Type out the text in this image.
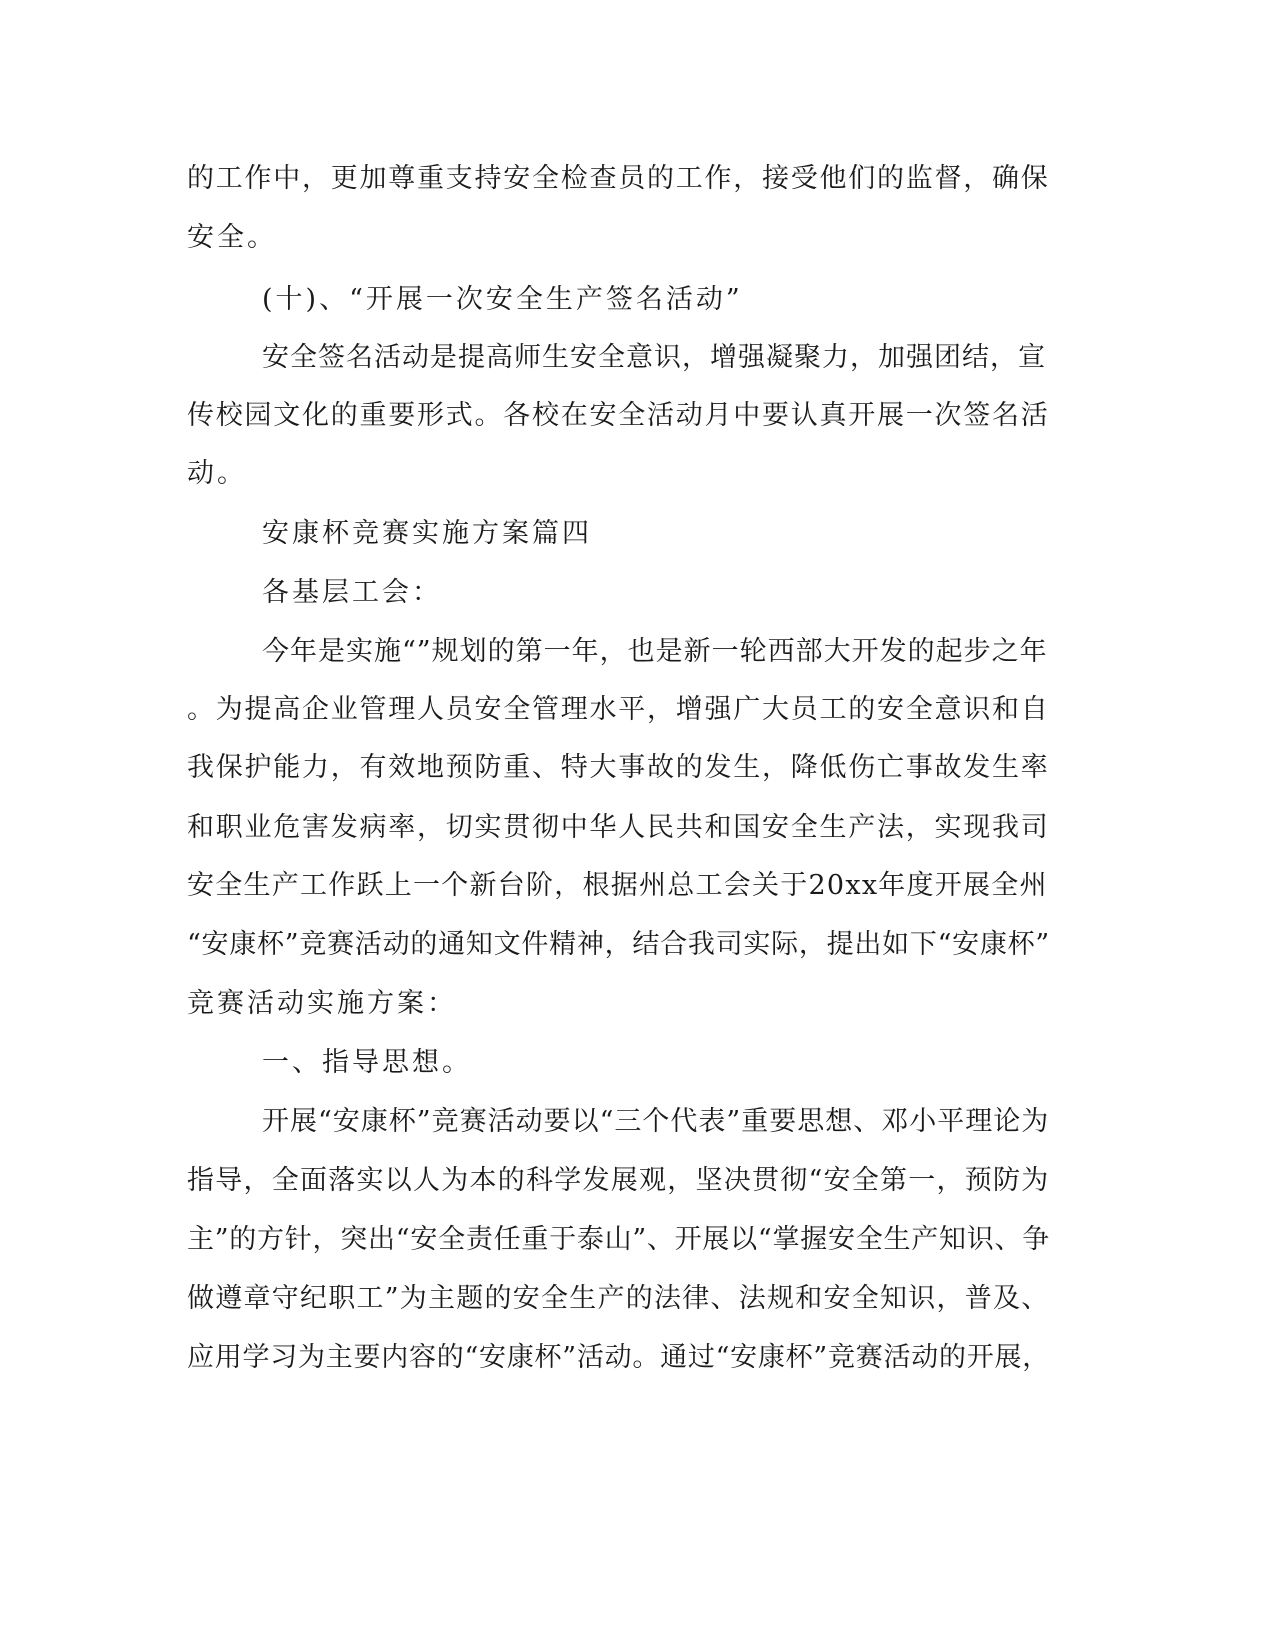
的工作中，更加尊重支持安全检查员的工作，接受他们的监督，确保

安全。

(十)、“开展一次安全生产签名活动”

安全签名活动是提高师生安全意识，增强凝聚力，加强团结，宣

传校园文化的重要形式。各校在安全活动月中要认真开展一次签名活

动。

安康杯竞赛实施方案篇四

各基层工会：

今年是实施“”规划的第一年，也是新一轮西部大开发的起步之年

。为提高企业管理人员安全管理水平，增强广大员工的安全意识和自

我保护能力，有效地预防重、特大事故的发生，降低伤亡事故发生率

和职业危害发病率，切实贯彻中华人民共和国安全生产法，实现我司

安全生产工作跃上一个新台阶，根据州总工会关于20xx年度开展全州

“安康杯”竞赛活动的通知文件精神，结合我司实际，提出如下“安康杯”

竞赛活动实施方案：

一、指导思想。

开展“安康杯”竞赛活动要以“三个代表”重要思想、邓小平理论为

指导，全面落实以人为本的科学发展观，坚决贯彻“安全第一，预防为

主”的方针，突出“安全责任重于泰山”、开展以“掌握安全生产知识、争

做遵章守纪职工”为主题的安全生产的法律、法规和安全知识，普及、

应用学习为主要内容的“安康杯”活动。通过“安康杯”竞赛活动的开展，
